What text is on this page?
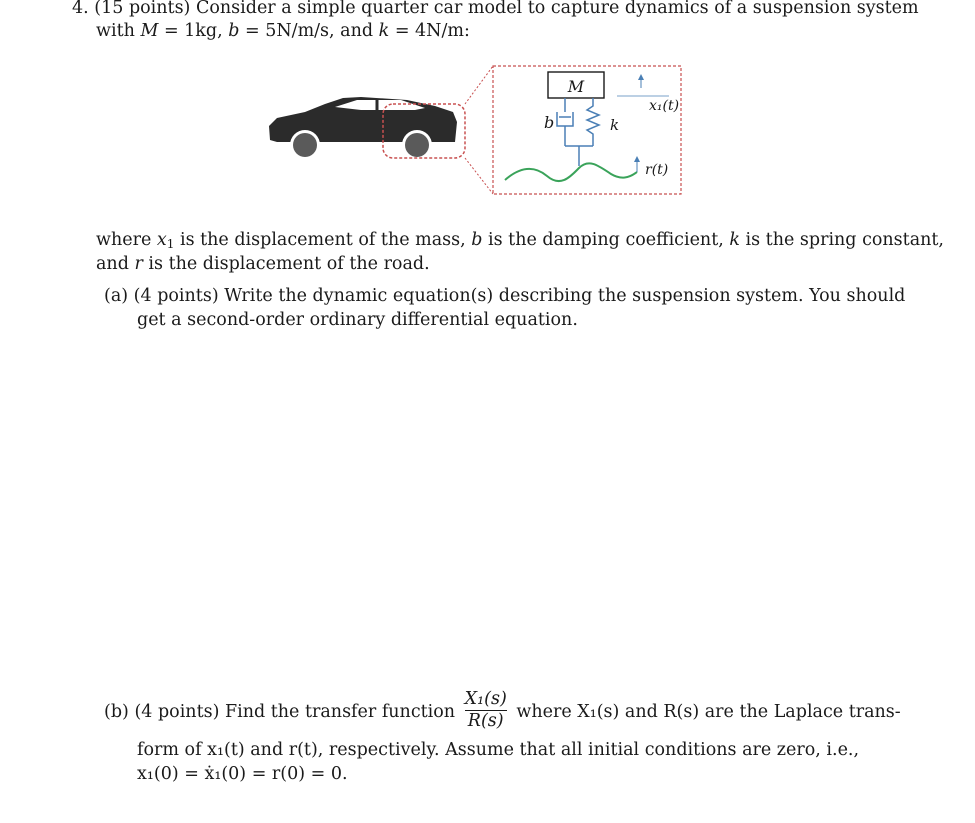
4. (15 points) Consider a simple quarter car model to capture dynamics of a suspension system
with M = 1kg, b = 5N/m/s, and k = 4N/m:
M
b	k
x₁(t)
r(t)
where $x_1$ is the displacement of the mass, b is the damping coefficient, k is the spring constant,
and r is the displacement of the road.
(a) (4 points) Write the dynamic equation(s) describing the suspension system. You should
get a second-order ordinary differential equation.
(b) (4 points) Find the transfer function $\frac{\text{X₁(s)}}{R(s)}$ where X₁(s) and R(s) are the Laplace trans-
form of x₁(t) and r(t), respectively. Assume that all initial conditions are zero, i.e.,
x₁(0) = ẋ₁(0) = r(0) = 0.
